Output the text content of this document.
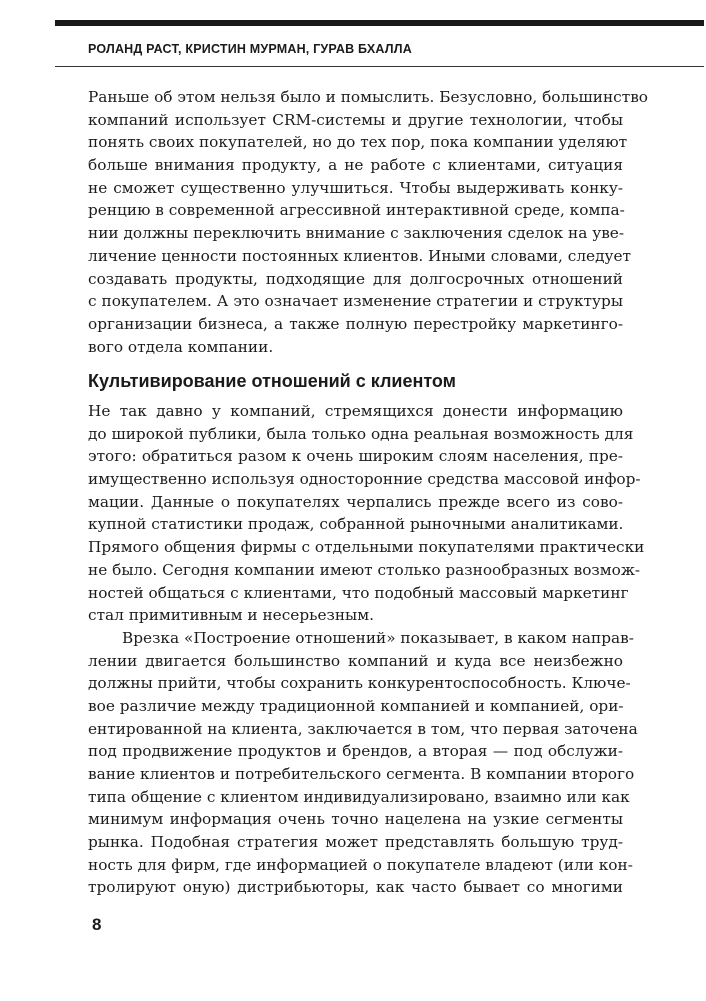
РОЛАНД РАСТ, КРИСТИН МУРМАН, ГУРАВ БХАЛЛА
Раньше об этом нельзя было и помыслить. Безусловно, большинство
компаний использует CRM-системы и другие технологии, чтобы
понять своих покупателей, но до тех пор, пока компании уделяют
больше внимания продукту, а не работе с клиентами, ситуация
не сможет существенно улучшиться. Чтобы выдерживать конку-
ренцию в современной агрессивной интерактивной среде, компа-
нии должны переключить внимание с заключения сделок на уве-
личение ценности постоянных клиентов. Иными словами, следует
создавать продукты, подходящие для долгосрочных отношений
с покупателем. А это означает изменение стратегии и структуры
организации бизнеса, а также полную перестройку маркетинго-
вого отдела компании.
Культивирование отношений с клиентом
Не так давно у компаний, стремящихся донести информацию
до широкой публики, была только одна реальная возможность для
этого: обратиться разом к очень широким слоям населения, пре-
имущественно используя односторонние средства массовой инфор-
мации. Данные о покупателях черпались прежде всего из сово-
купной статистики продаж, собранной рыночными аналитиками.
Прямого общения фирмы с отдельными покупателями практически
не было. Сегодня компании имеют столько разнообразных возмож-
ностей общаться с клиентами, что подобный массовый маркетинг
стал примитивным и несерьезным.
Врезка «Построение отношений» показывает, в каком направ-
лении двигается большинство компаний и куда все неизбежно
должны прийти, чтобы сохранить конкурентоспособность. Ключе-
вое различие между традиционной компанией и компанией, ори-
ентированной на клиента, заключается в том, что первая заточена
под продвижение продуктов и брендов, а вторая — под обслужи-
вание клиентов и потребительского сегмента. В компании второго
типа общение с клиентом индивидуализировано, взаимно или как
минимум информация очень точно нацелена на узкие сегменты
рынка. Подобная стратегия может представлять большую труд-
ность для фирм, где информацией о покупателе владеют (или кон-
тролируют оную) дистрибьюторы, как часто бывает со многими
8
